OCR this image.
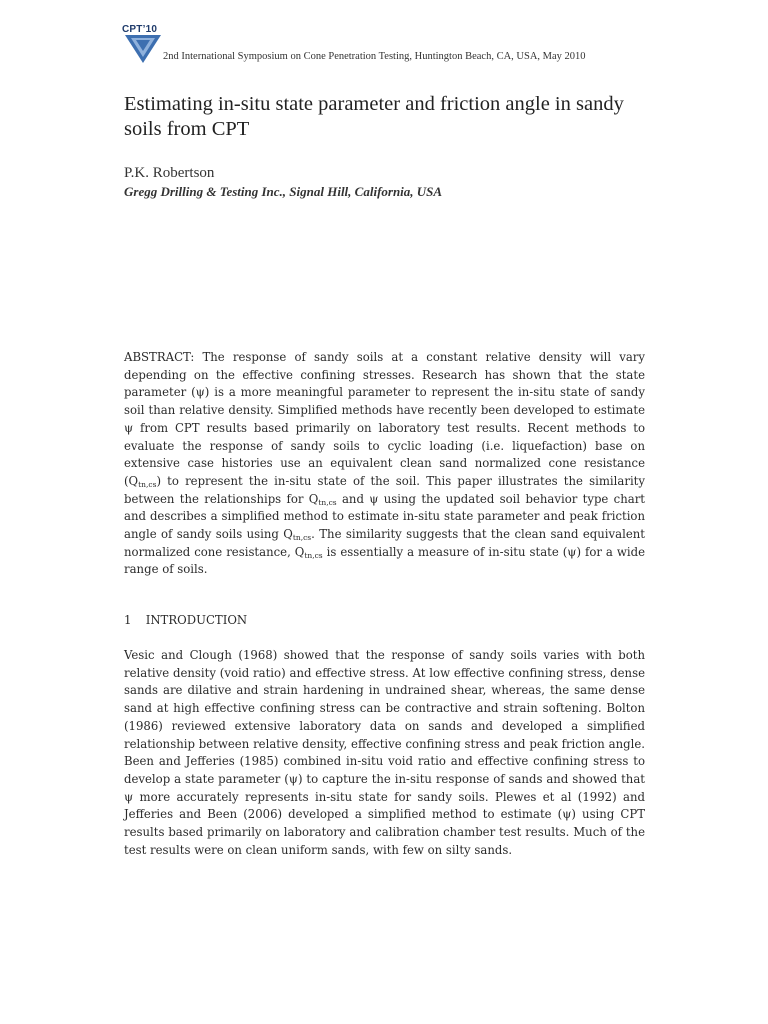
CPT’10
2nd International Symposium on Cone Penetration Testing, Huntington Beach, CA, USA, May 2010
Estimating in-situ state parameter and friction angle in sandy soils from CPT
P.K. Robertson
Gregg Drilling & Testing Inc., Signal Hill, California, USA

ABSTRACT: The response of sandy soils at a constant relative density will vary depending on the effective confining stresses. Research has shown that the state parameter (ψ) is a more meaningful parameter to represent the in-situ state of sandy soil than relative density. Simplified methods have recently been developed to estimate ψ from CPT results based primarily on laboratory test results. Recent methods to evaluate the response of sandy soils to cyclic loading (i.e. liquefaction) base on extensive case histories use an equivalent clean sand normalized cone resistance $(Q_{tn,cs})$ to represent the in-situ state of the soil. This paper illustrates the similarity between the relationships for $Q_{tn,cs}$ and ψ using the updated soil behavior type chart and describes a simplified method to estimate in-situ state parameter and peak friction angle of sandy soils using $Q_{tn,cs}$. The similarity suggests that the clean sand equivalent normalized cone resistance, $Q_{tn,cs}$ is essentially a measure of in-situ state (ψ) for a wide range of soils.

1 INTRODUCTION

Vesic and Clough (1968) showed that the response of sandy soils varies with both relative density (void ratio) and effective stress. At low effective confining stress, dense sands are dilative and strain hardening in undrained shear, whereas, the same dense sand at high effective confining stress can be contractive and strain softening. Bolton (1986) reviewed extensive laboratory data on sands and developed a simplified relationship between relative density, effective confining stress and peak friction angle. Been and Jefferies (1985) combined in-situ void ratio and effective confining stress to develop a state parameter (ψ) to capture the in-situ response of sands and showed that ψ more accurately represents in-situ state for sandy soils. Plewes et al (1992) and Jefferies and Been (2006) developed a simplified method to estimate (ψ) using CPT results based primarily on laboratory and calibration chamber test results. Much of the test results were on clean uniform sands, with few on silty sands.
